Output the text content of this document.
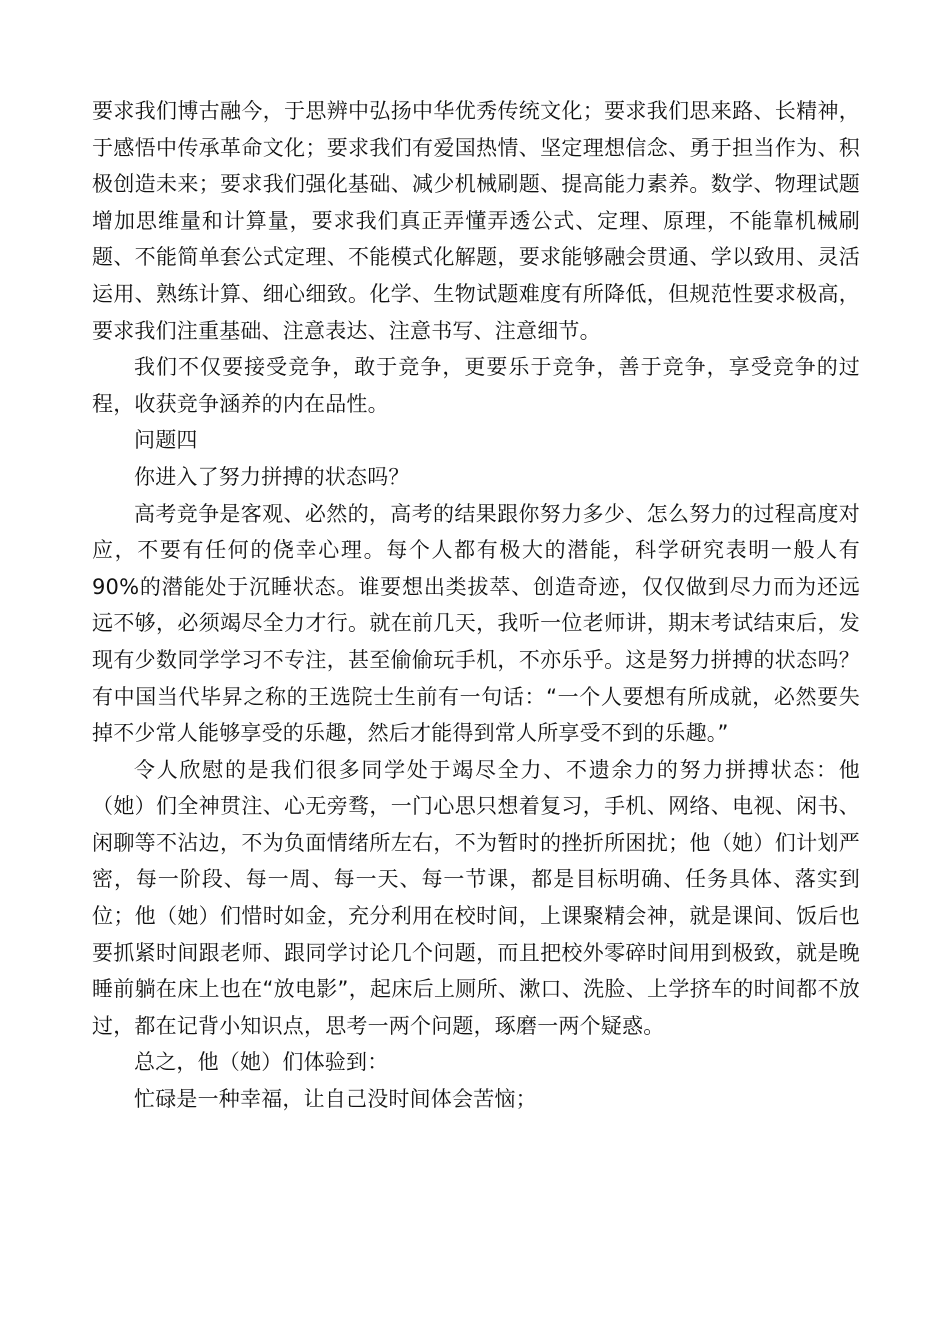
要求我们博古融今，于思辨中弘扬中华优秀传统文化；要求我们思来路、长精神，于感悟中传承革命文化；要求我们有爱国热情、坚定理想信念、勇于担当作为、积极创造未来；要求我们强化基础、减少机械刷题、提高能力素养。数学、物理试题增加思维量和计算量，要求我们真正弄懂弄透公式、定理、原理，不能靠机械刷题、不能简单套公式定理、不能模式化解题，要求能够融会贯通、学以致用、灵活运用、熟练计算、细心细致。化学、生物试题难度有所降低，但规范性要求极高，要求我们注重基础、注意表达、注意书写、注意细节。

我们不仅要接受竞争，敢于竞争，更要乐于竞争，善于竞争，享受竞争的过程，收获竞争涵养的内在品性。

问题四

你进入了努力拼搏的状态吗？

高考竞争是客观、必然的，高考的结果跟你努力多少、怎么努力的过程高度对应，不要有任何的侥幸心理。每个人都有极大的潜能，科学研究表明一般人有90%的潜能处于沉睡状态。谁要想出类拔萃、创造奇迹，仅仅做到尽力而为还远远不够，必须竭尽全力才行。就在前几天，我听一位老师讲，期末考试结束后，发现有少数同学学习不专注，甚至偷偷玩手机，不亦乐乎。这是努力拼搏的状态吗？有中国当代毕昇之称的王选院士生前有一句话：“一个人要想有所成就，必然要失掉不少常人能够享受的乐趣，然后才能得到常人所享受不到的乐趣。”

令人欣慰的是我们很多同学处于竭尽全力、不遗余力的努力拼搏状态：他（她）们全神贯注、心无旁骛，一门心思只想着复习，手机、网络、电视、闲书、闲聊等不沾边，不为负面情绪所左右，不为暂时的挫折所困扰；他（她）们计划严密，每一阶段、每一周、每一天、每一节课，都是目标明确、任务具体、落实到位；他（她）们惜时如金，充分利用在校时间，上课聚精会神，就是课间、饭后也要抓紧时间跟老师、跟同学讨论几个问题，而且把校外零碎时间用到极致，就是晚睡前躺在床上也在“放电影”，起床后上厕所、漱口、洗脸、上学挤车的时间都不放过，都在记背小知识点，思考一两个问题，琢磨一两个疑惑。

总之，他（她）们体验到：

忙碌是一种幸福，让自己没时间体会苦恼；
